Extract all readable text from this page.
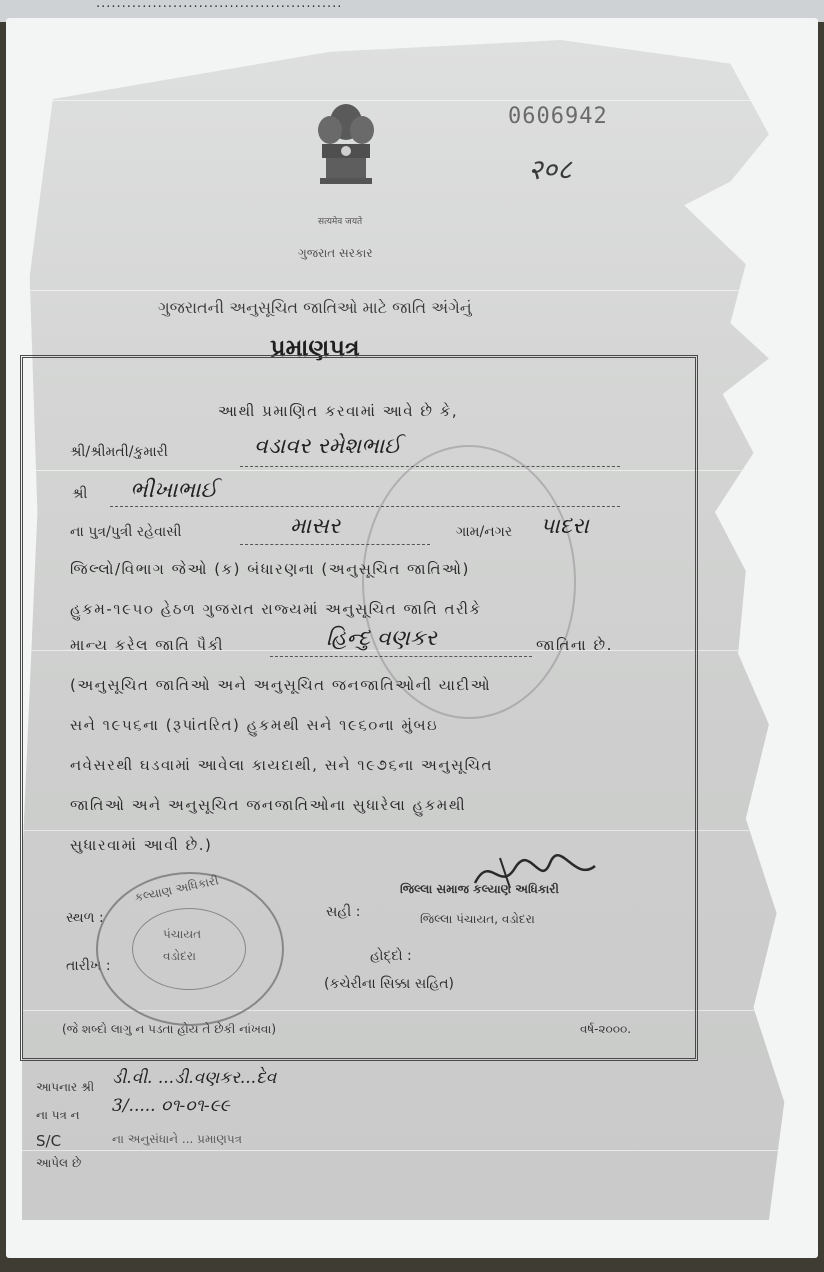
................................................
0606942
२०८
सत्यमेव जयते
ગુજરાત સરકાર
ગુજરાતની અનુસૂચિત જાતિઓ માટે જાતિ અંગેનું
પ્રમાણપત્ર
આથી પ્રમાણિત કરવામાં આવે છે કે,
શ્રી/શ્રીમતી/કુમારી	વડાવર રમેશભાઈ
શ્રી ભીખાભાઈ
ના પુત્ર/પુત્રી રહેવાસી	માસર	ગામ/નગર પાદરા
જિલ્લો/વિભાગ જેઓ (ક) બંધારણના (અનુસૂચિત જાતિઓ)
હુકમ-૧૯૫૦ હેઠળ ગુજરાત રાજ્યમાં અનુસૂચિત જાતિ તરીકે
માન્ય કરેલ જાતિ પૈકી	હિન્દુ વણકર	જાતિના છે.
(અનુસૂચિત જાતિઓ અને અનુસૂચિત જનજાતિઓની યાદીઓ
સને ૧૯૫૬ના (રૂપાંતરિત) હુકમથી સને ૧૯૬૦ના મુંબઇ
નવેસરથી ઘડવામાં આવેલા કાયદાથી, સને ૧૯૭૬ના અનુસૂચિત
જાતિઓ અને અનુસૂચિત જનજાતિઓના સુધારેલા હુકમથી
સુધારવામાં આવી છે.)
જિલ્લા સમાજ કલ્યાણ અધિકારી
જિલ્લા પંચાયત, વડોદરા
સ્થળ :	સહી :
તારીખ :
હોદ્દો :
(કચેરીના સિક્કા સહિત)
કલ્યાણ અધિકારી
પંચાયત
વડોદરા
(જે શબ્દો લાગુ ન પડતા હોય તે છેકી નાંખવા)	વર્ષ-૨૦૦૦.
આપનાર શ્રી ડી.વી. ...ડી.વણકર...દેવ
ના પત્ર ન 3/..... ૦૧-૦૧-૯૯
S/C	ના અનુસંધાને ... પ્રમાણપત્ર
આપેલ છે
